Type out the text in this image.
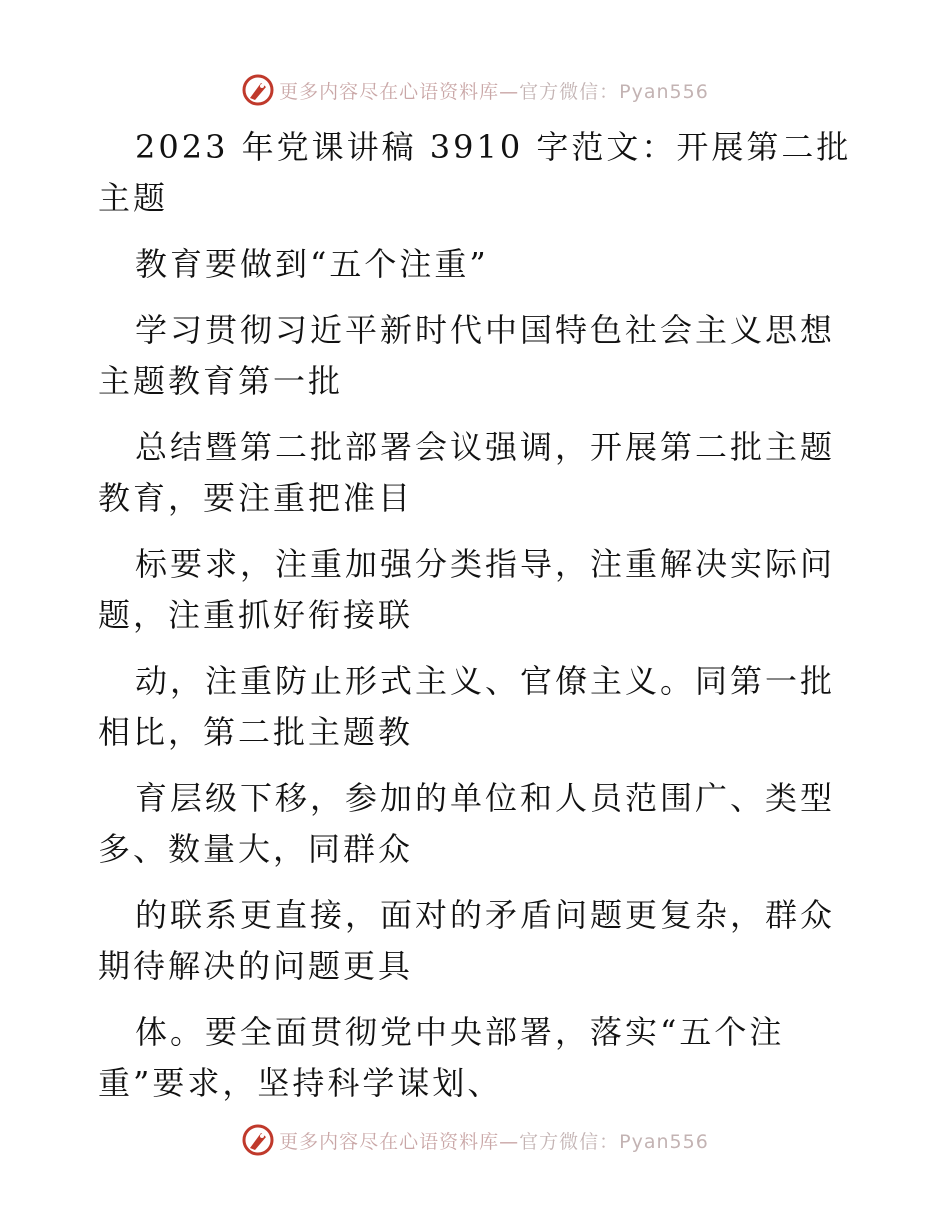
更多内容尽在心语资料库—官方微信：Pyan556

2023 年党课讲稿 3910 字范文：开展第二批主题

教育要做到“五个注重”

学习贯彻习近平新时代中国特色社会主义思想主题教育第一批

总结暨第二批部署会议强调，开展第二批主题教育，要注重把准目

标要求，注重加强分类指导，注重解决实际问题，注重抓好衔接联

动，注重防止形式主义、官僚主义。同第一批相比，第二批主题教

育层级下移，参加的单位和人员范围广、类型多、数量大，同群众

的联系更直接，面对的矛盾问题更复杂，群众期待解决的问题更具

体。要全面贯彻党中央部署，落实“五个注重”要求，坚持科学谋划、

更多内容尽在心语资料库—官方微信：Pyan556
